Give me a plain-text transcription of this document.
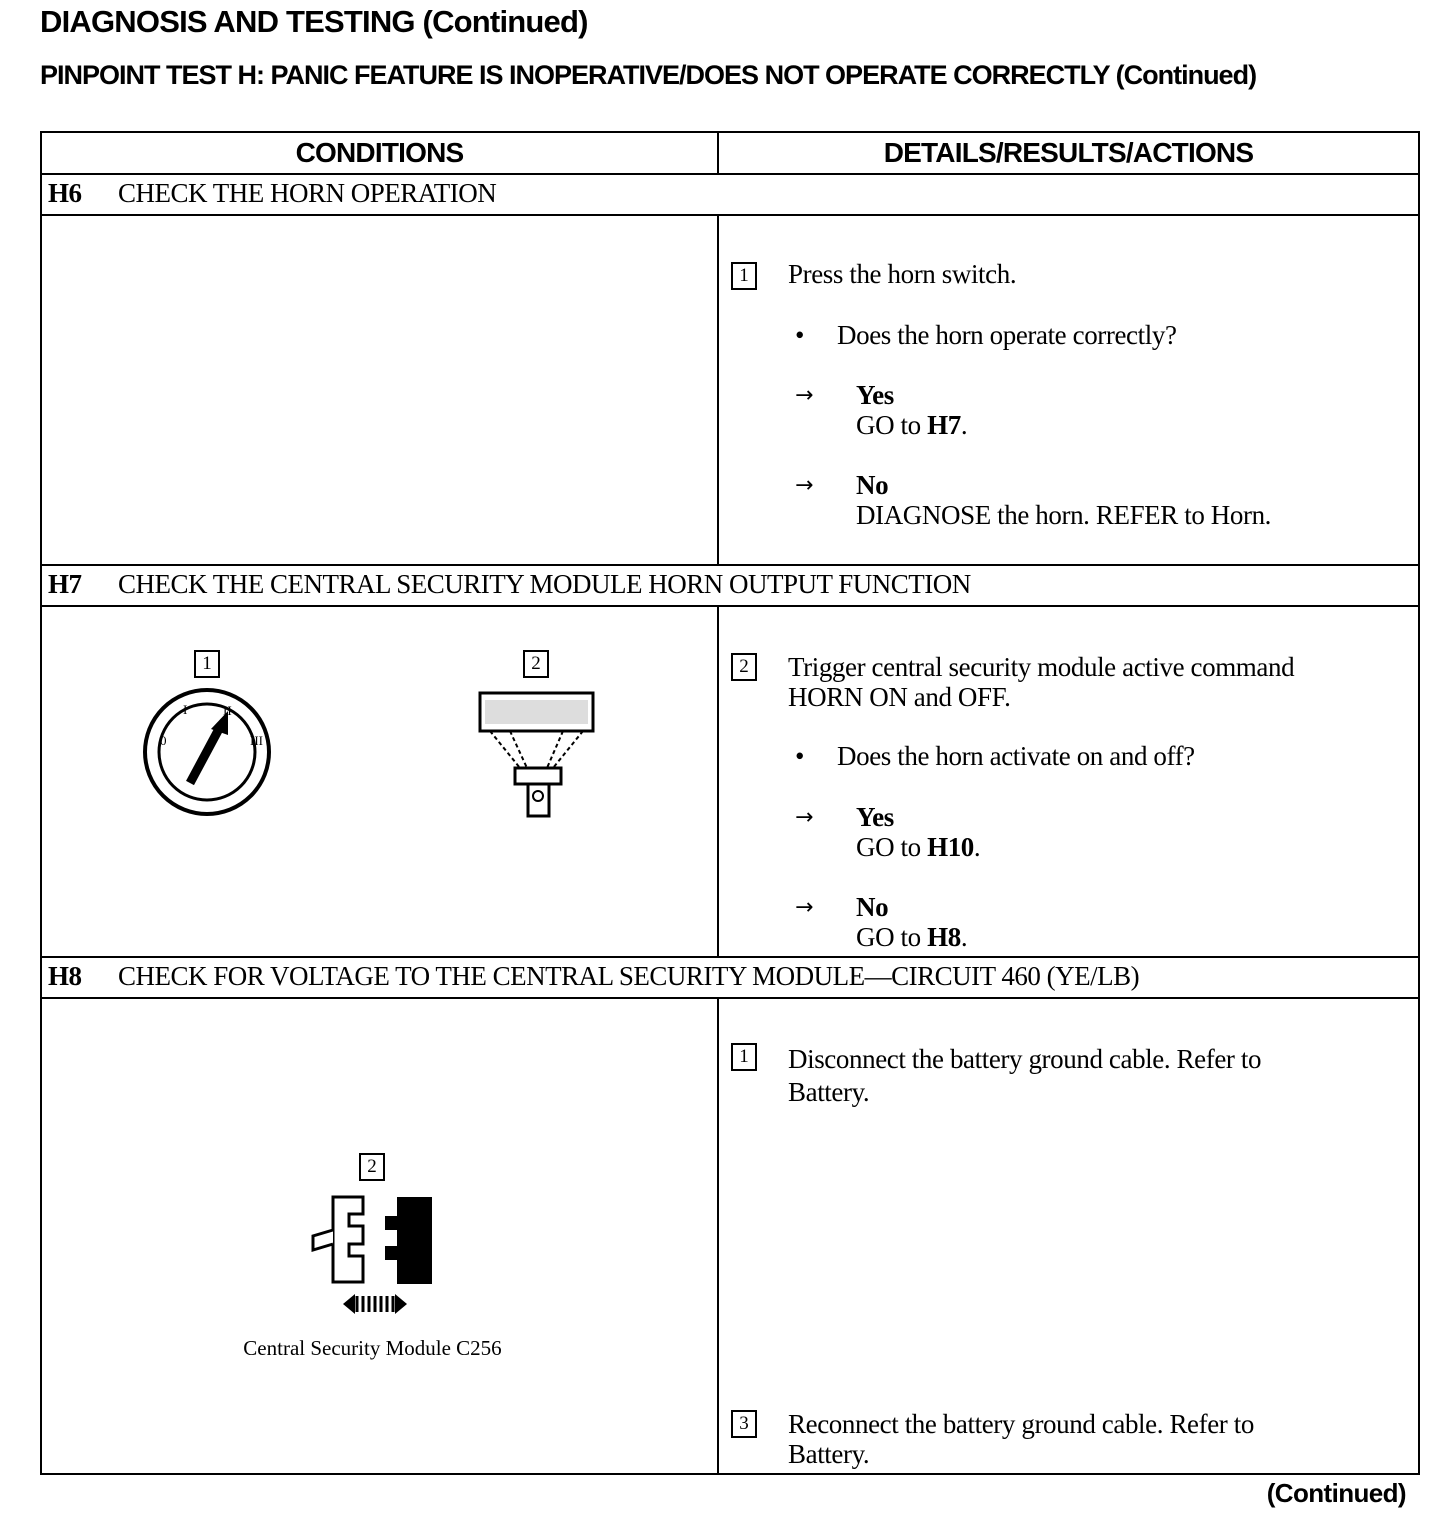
DIAGNOSIS AND TESTING (Continued)
PINPOINT TEST H: PANIC FEATURE IS INOPERATIVE/DOES NOT OPERATE CORRECTLY (Continued)
CONDITIONS	DETAILS/RESULTS/ACTIONS
H6 CHECK THE HORN OPERATION
1	Press the horn switch.
• Does the horn operate correctly?
→ Yes
GO to H7.
→ No
DIAGNOSE the horn. REFER to Horn.
H7 CHECK THE CENTRAL SECURITY MODULE HORN OUTPUT FUNCTION
1
0
I	II
III
2	2	Trigger central security module active command
HORN ON and OFF.
• Does the horn activate on and off?
→ Yes
GO to H10.
→ No
GO to H8.
H8 CHECK FOR VOLTAGE TO THE CENTRAL SECURITY MODULE—CIRCUIT 460 (YE/LB)
2
Central Security Module C256
1	Disconnect the battery ground cable. Refer to
Battery.
3	Reconnect the battery ground cable. Refer to
Battery.
(Continued)
